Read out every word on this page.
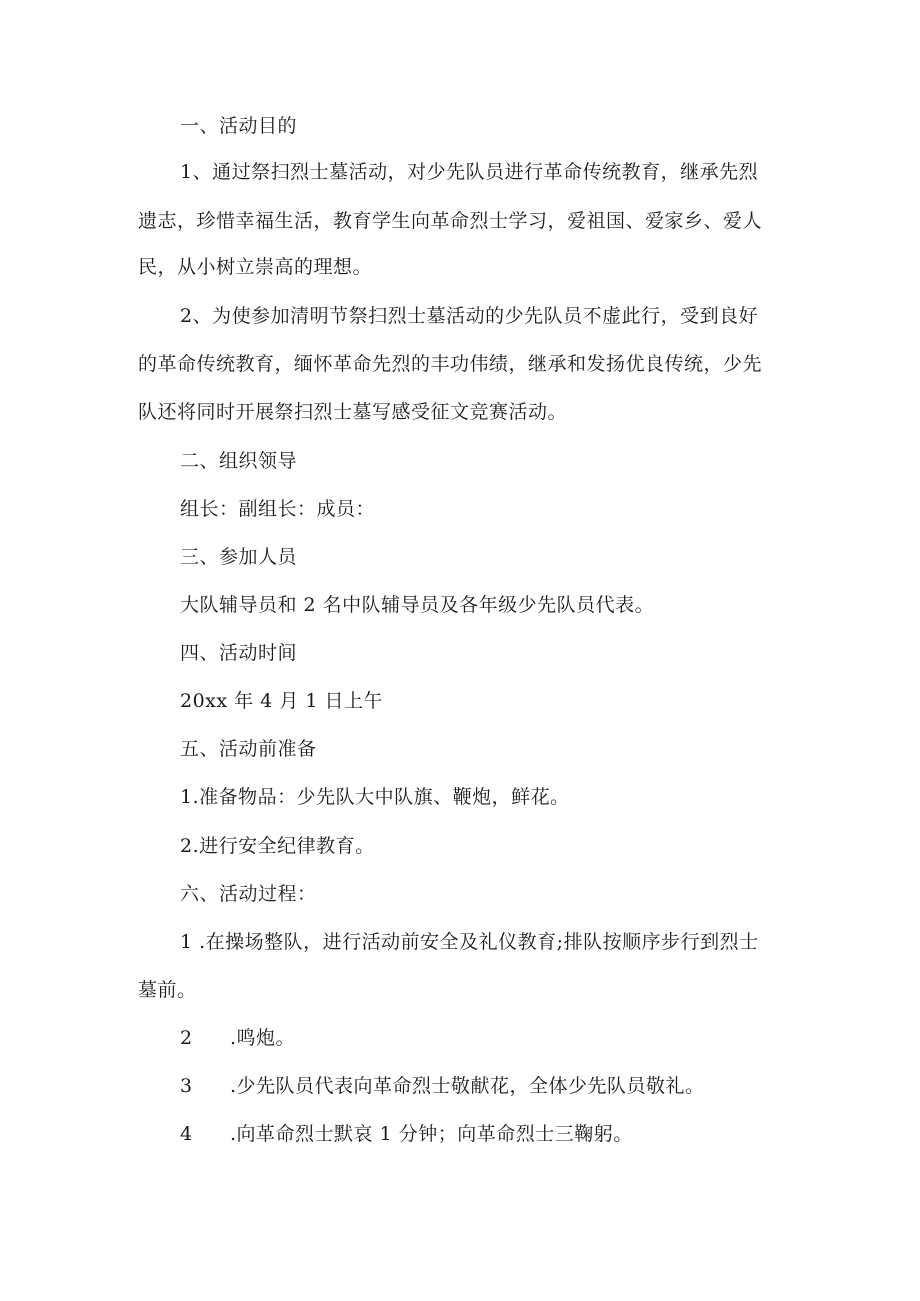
一、活动目的
1、通过祭扫烈士墓活动，对少先队员进行革命传统教育，继承先烈
遗志，珍惜幸福生活，教育学生向革命烈士学习，爱祖国、爱家乡、爱人
民，从小树立崇高的理想。
2、为使参加清明节祭扫烈士墓活动的少先队员不虚此行，受到良好
的革命传统教育，缅怀革命先烈的丰功伟绩，继承和发扬优良传统，少先
队还将同时开展祭扫烈士墓写感受征文竞赛活动。
二、组织领导
组长：副组长：成员：
三、参加人员
大队辅导员和 2 名中队辅导员及各年级少先队员代表。
四、活动时间
20xx 年 4 月 1 日上午
五、活动前准备
1.准备物品：少先队大中队旗、鞭炮，鲜花。
2.进行安全纪律教育。
六、活动过程：
1 .在操场整队，进行活动前安全及礼仪教育;排队按顺序步行到烈士
墓前。
2 .鸣炮。
3 .少先队员代表向革命烈士敬献花，全体少先队员敬礼。
4 .向革命烈士默哀 1 分钟；向革命烈士三鞠躬。
